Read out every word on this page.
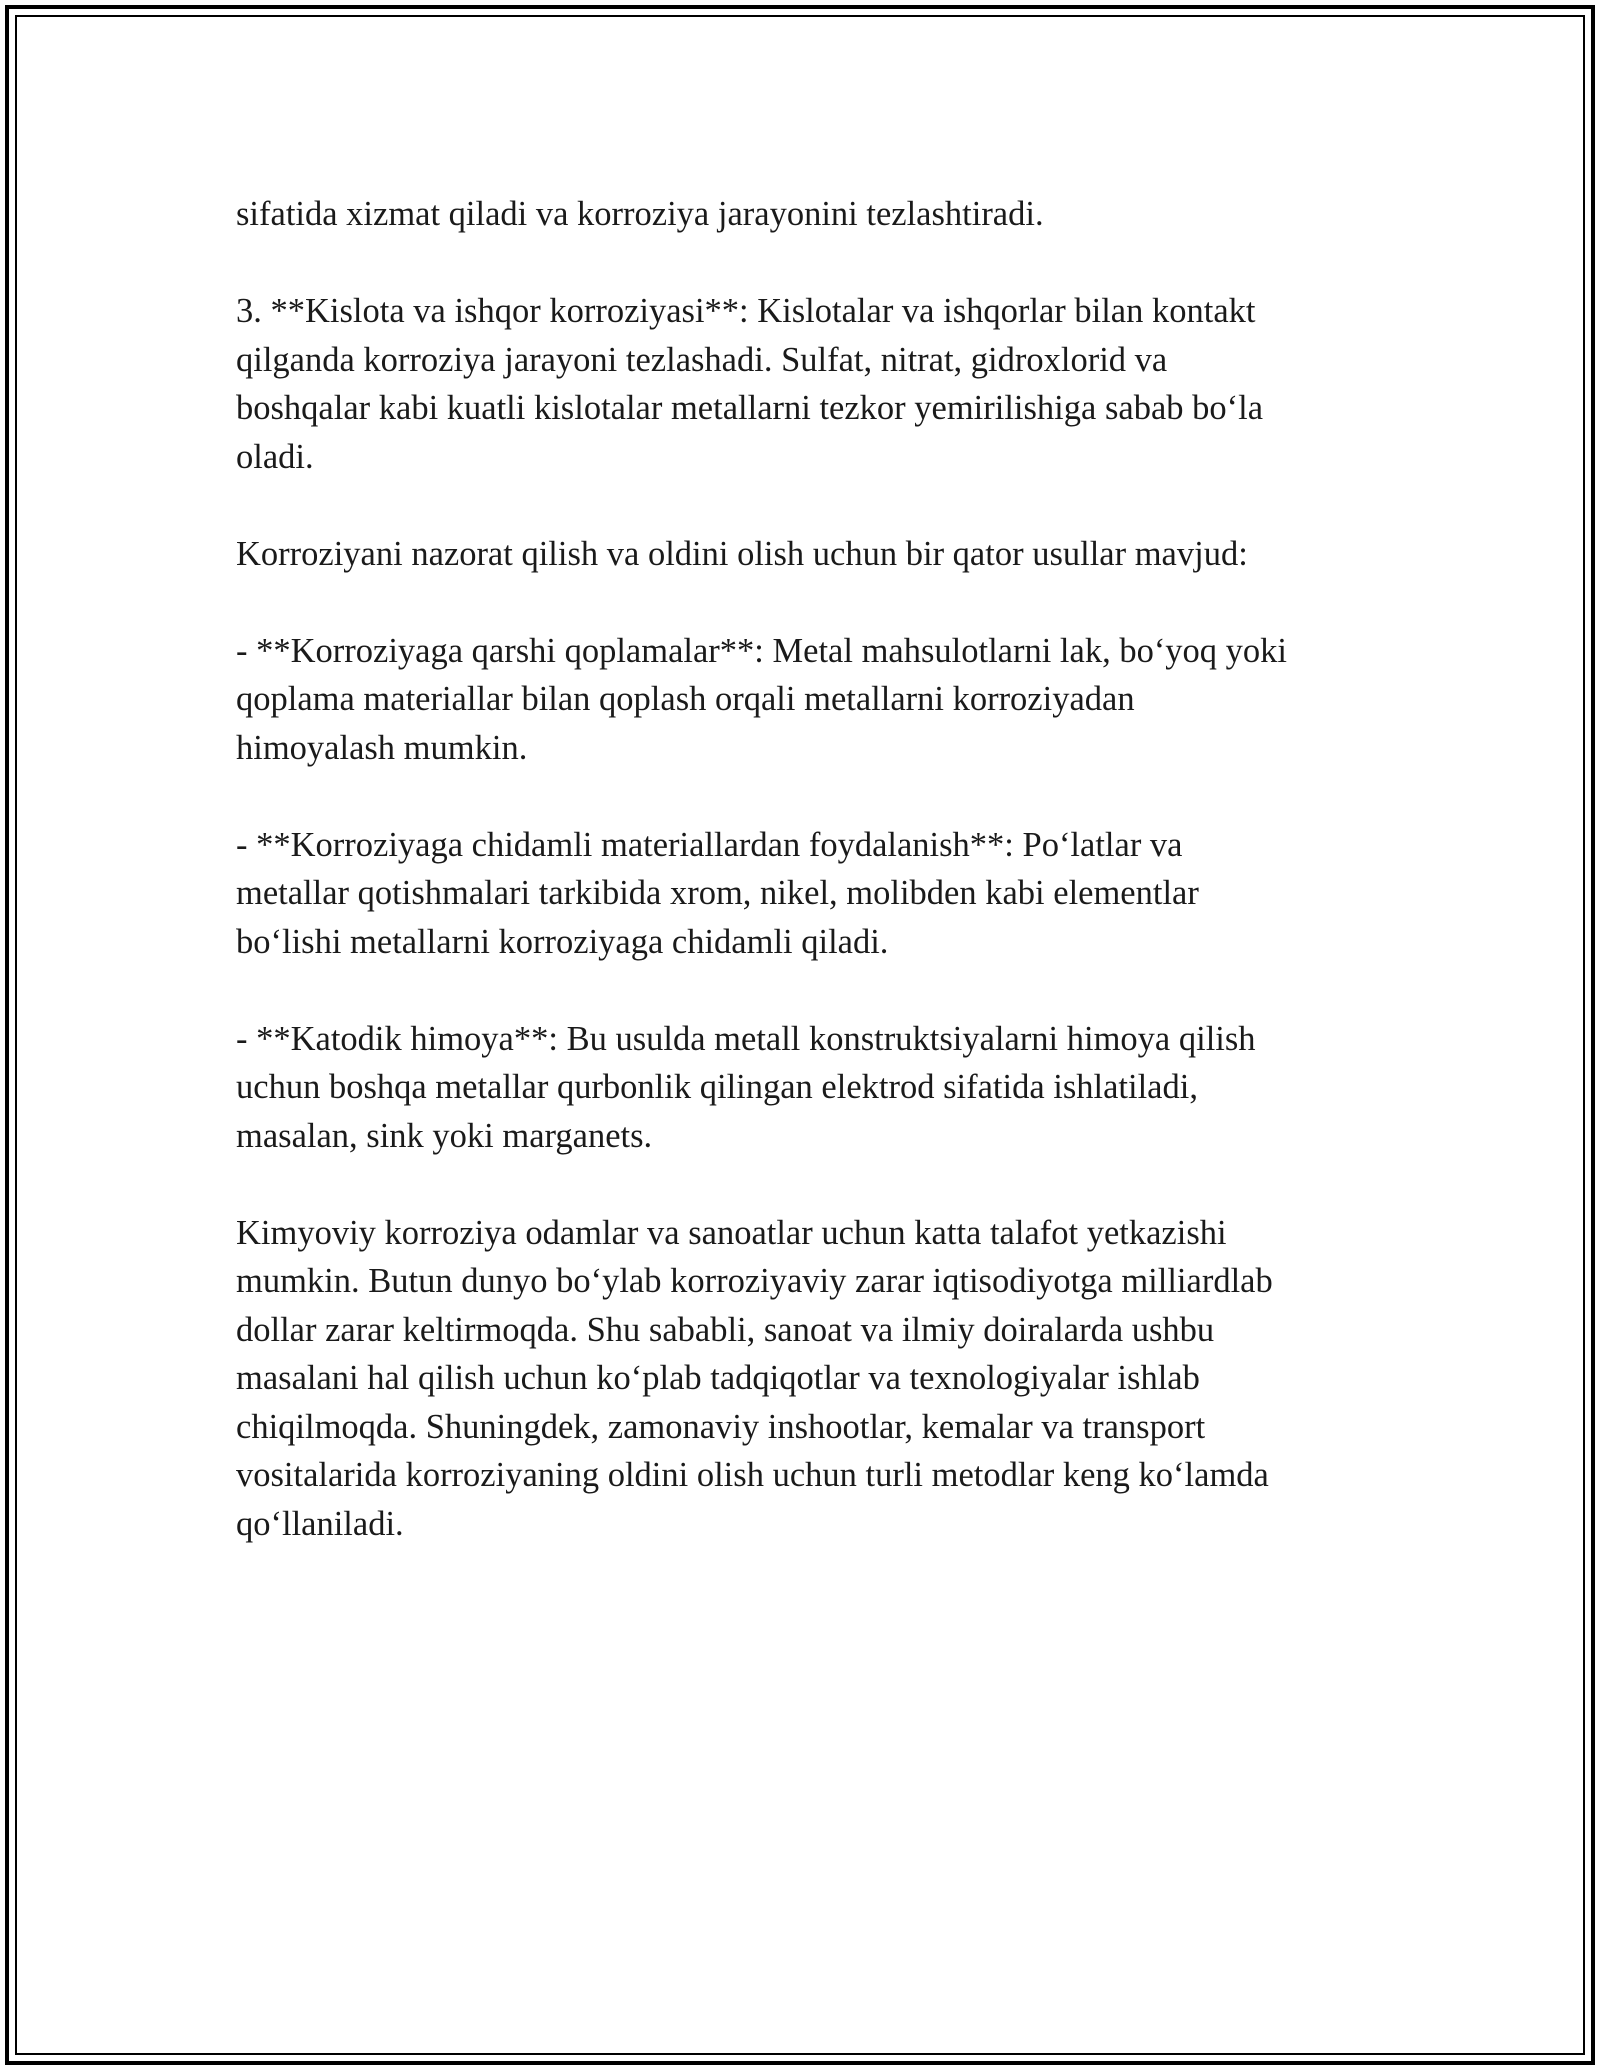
sifatida xizmat qiladi va korroziya jarayonini tezlashtiradi.

3. **Kislota va ishqor korroziyasi**: Kislotalar va ishqorlar bilan kontakt
qilganda korroziya jarayoni tezlashadi. Sulfat, nitrat, gidroxlorid va
boshqalar kabi kuatli kislotalar metallarni tezkor yemirilishiga sabab bo‘la
oladi.

Korroziyani nazorat qilish va oldini olish uchun bir qator usullar mavjud:

- **Korroziyaga qarshi qoplamalar**: Metal mahsulotlarni lak, bo‘yoq yoki
qoplama materiallar bilan qoplash orqali metallarni korroziyadan
himoyalash mumkin.

- **Korroziyaga chidamli materiallardan foydalanish**: Po‘latlar va
metallar qotishmalari tarkibida xrom, nikel, molibden kabi elementlar
bo‘lishi metallarni korroziyaga chidamli qiladi.

- **Katodik himoya**: Bu usulda metall konstruktsiyalarni himoya qilish
uchun boshqa metallar qurbonlik qilingan elektrod sifatida ishlatiladi,
masalan, sink yoki marganets.

Kimyoviy korroziya odamlar va sanoatlar uchun katta talafot yetkazishi
mumkin. Butun dunyo bo‘ylab korroziyaviy zarar iqtisodiyotga milliardlab
dollar zarar keltirmoqda. Shu sababli, sanoat va ilmiy doiralarda ushbu
masalani hal qilish uchun ko‘plab tadqiqotlar va texnologiyalar ishlab
chiqilmoqda. Shuningdek, zamonaviy inshootlar, kemalar va transport
vositalarida korroziyaning oldini olish uchun turli metodlar keng ko‘lamda
qo‘llaniladi.
